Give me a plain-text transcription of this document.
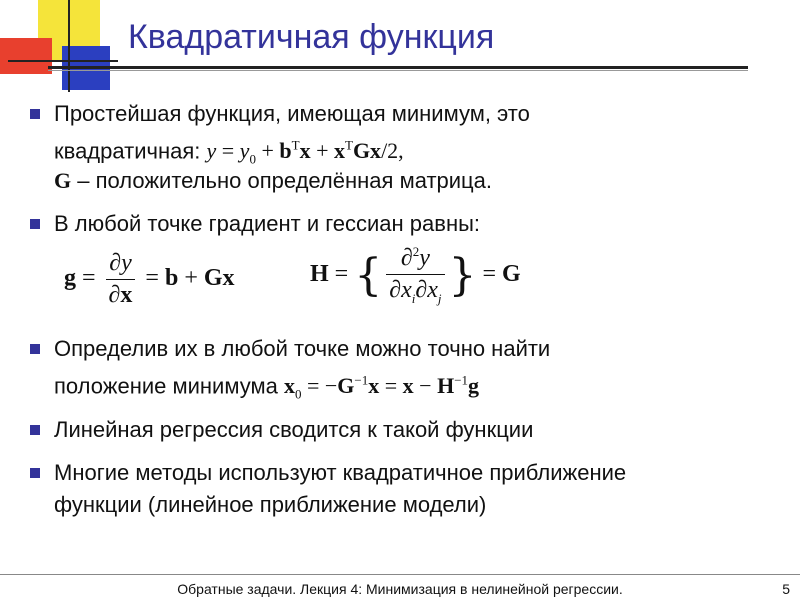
Квадратичная функция
Простейшая функция, имеющая минимум, это
квадратичная: $y = y_0 + b^Tx + x^TGx/2$,
G – положительно определённая матрица.
В любой точке градиент и гессиан равны:
$g = \frac{\partial y}{\partial x} = b + Gx$	H = { $\frac{\partial^2y}{\partial x_i\partial x_j}$ } = G
Определив их в любой точке можно точно найти
положение минимума $x_0 = -G^{-1}x = x - H^{-1}g$
Линейная регрессия сводится к такой функции
Многие методы используют квадратичное приближение
функции (линейное приближение модели)
Обратные задачи. Лекция 4: Минимизация в нелинейной регрессии.	5
